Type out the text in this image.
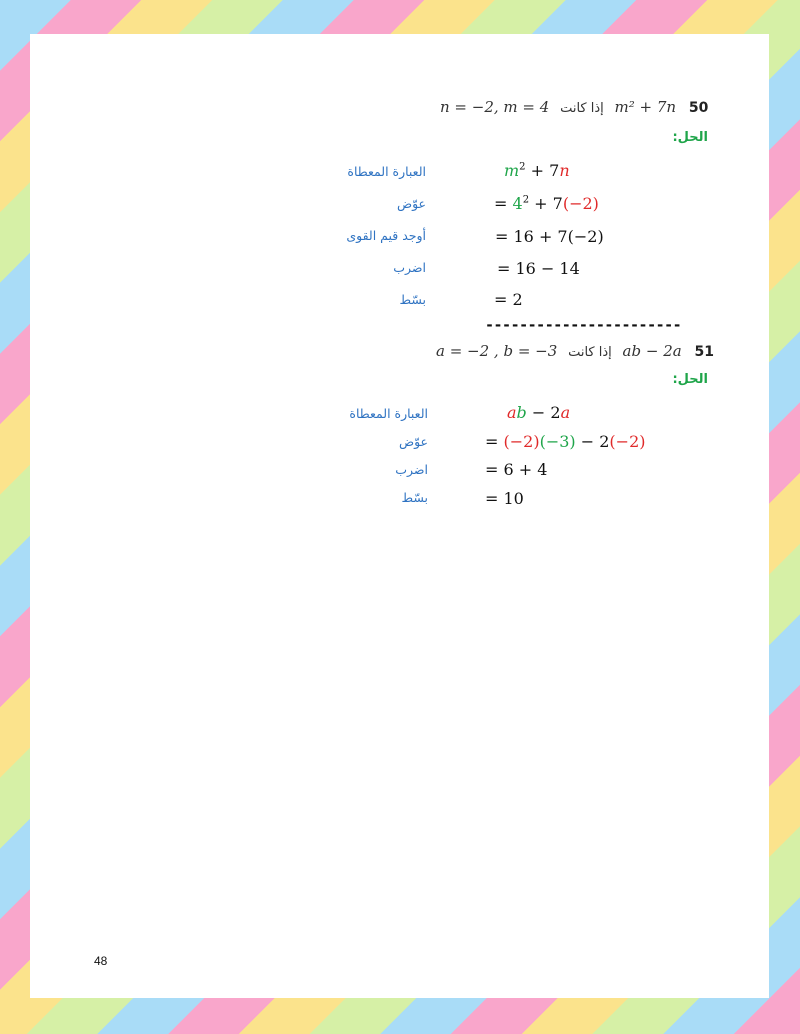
n = −2, m = 4 إذا كانت m² + 7n 50
الحل:
العبارة المعطاة	$m^2 + 7n$
عوّض	= $4^2 + 7(-2)$
أوجد قيم القوى	= 16 + 7(−2)
اضرب	= 16 − 14
بسّط	= 2
-----------------------
a = −2 , b = −3 إذا كانت ab − 2a 51
الحل:
العبارة المعطاة	ab − 2a
عوّض	= (−2)(−3) − 2(−2)
اضرب	= 6 + 4
بسّط	= 10
48
